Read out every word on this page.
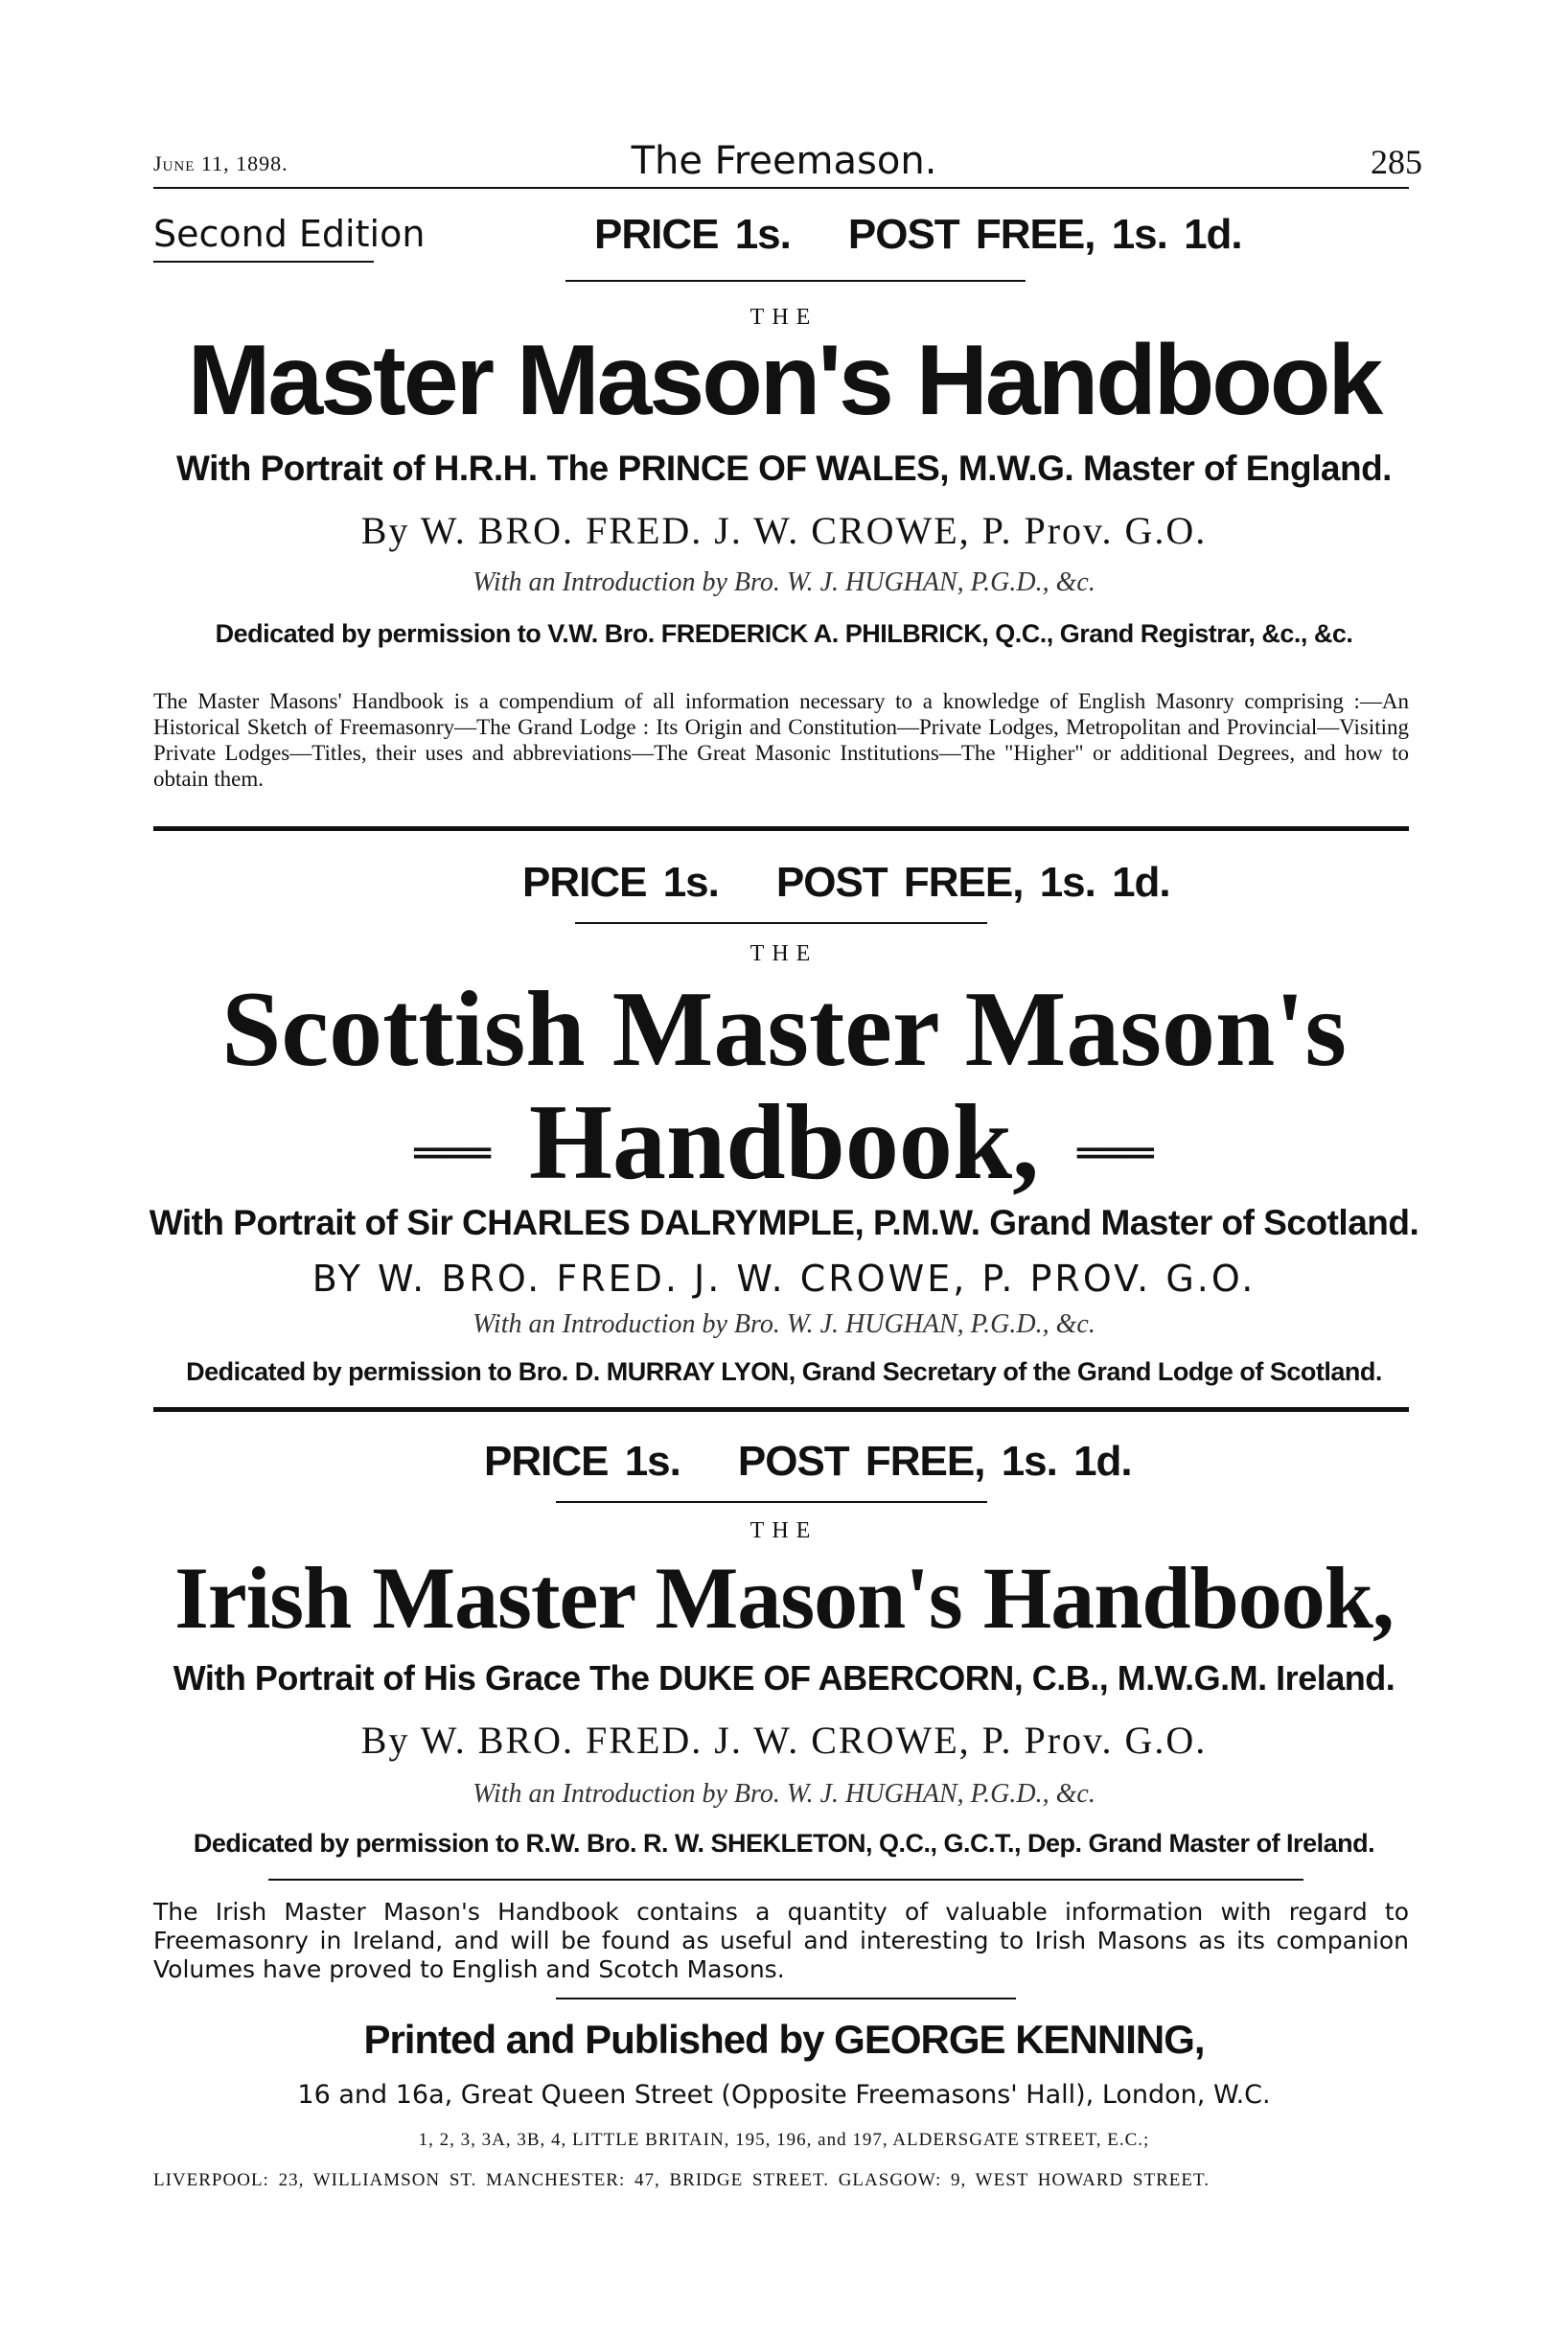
June 11, 1898.	The Freemason.	285
Second Edition	PRICE 1s. POST FREE, 1s. 1d.
THE
Master Mason's Handbook
With Portrait of H.R.H. The PRINCE OF WALES, M.W.G. Master of England.
By W. BRO. FRED. J. W. CROWE, P. Prov. G.O.
With an Introduction by Bro. W. J. HUGHAN, P.G.D., &c.
Dedicated by permission to V.W. Bro. FREDERICK A. PHILBRICK, Q.C., Grand Registrar, &c., &c.
The Master Masons' Handbook is a compendium of all information necessary to a knowledge of English Masonry comprising :—An Historical Sketch of Freemasonry—The Grand Lodge : Its Origin and Constitution—Private Lodges, Metropolitan and Provincial—Visiting Private Lodges—Titles, their uses and abbreviations—The Great Masonic Institutions—The "Higher" or additional Degrees, and how to obtain them.
PRICE 1s. POST FREE, 1s. 1d.
THE
Scottish Master Mason's
═══ Handbook, ═══
With Portrait of Sir CHARLES DALRYMPLE, P.M.W. Grand Master of Scotland.
BY W. BRO. FRED. J. W. CROWE, P. PROV. G.O.
With an Introduction by Bro. W. J. HUGHAN, P.G.D., &c.
Dedicated by permission to Bro. D. MURRAY LYON, Grand Secretary of the Grand Lodge of Scotland.
PRICE 1s. POST FREE, 1s. 1d.
THE
Irish Master Mason's Handbook,
With Portrait of His Grace The DUKE OF ABERCORN, C.B., M.W.G.M. Ireland.
By W. BRO. FRED. J. W. CROWE, P. Prov. G.O.
With an Introduction by Bro. W. J. HUGHAN, P.G.D., &c.
Dedicated by permission to R.W. Bro. R. W. SHEKLETON, Q.C., G.C.T., Dep. Grand Master of Ireland.
The Irish Master Mason's Handbook contains a quantity of valuable information with regard to Freemasonry in Ireland, and will be found as useful and interesting to Irish Masons as its companion Volumes have proved to English and Scotch Masons.
Printed and Published by GEORGE KENNING,
16 and 16a, Great Queen Street (Opposite Freemasons' Hall), London, W.C.
1, 2, 3, 3A, 3B, 4, LITTLE BRITAIN, 195, 196, and 197, ALDERSGATE STREET, E.C.;
LIVERPOOL: 23, WILLIAMSON ST. MANCHESTER: 47, BRIDGE STREET. GLASGOW: 9, WEST HOWARD STREET.
